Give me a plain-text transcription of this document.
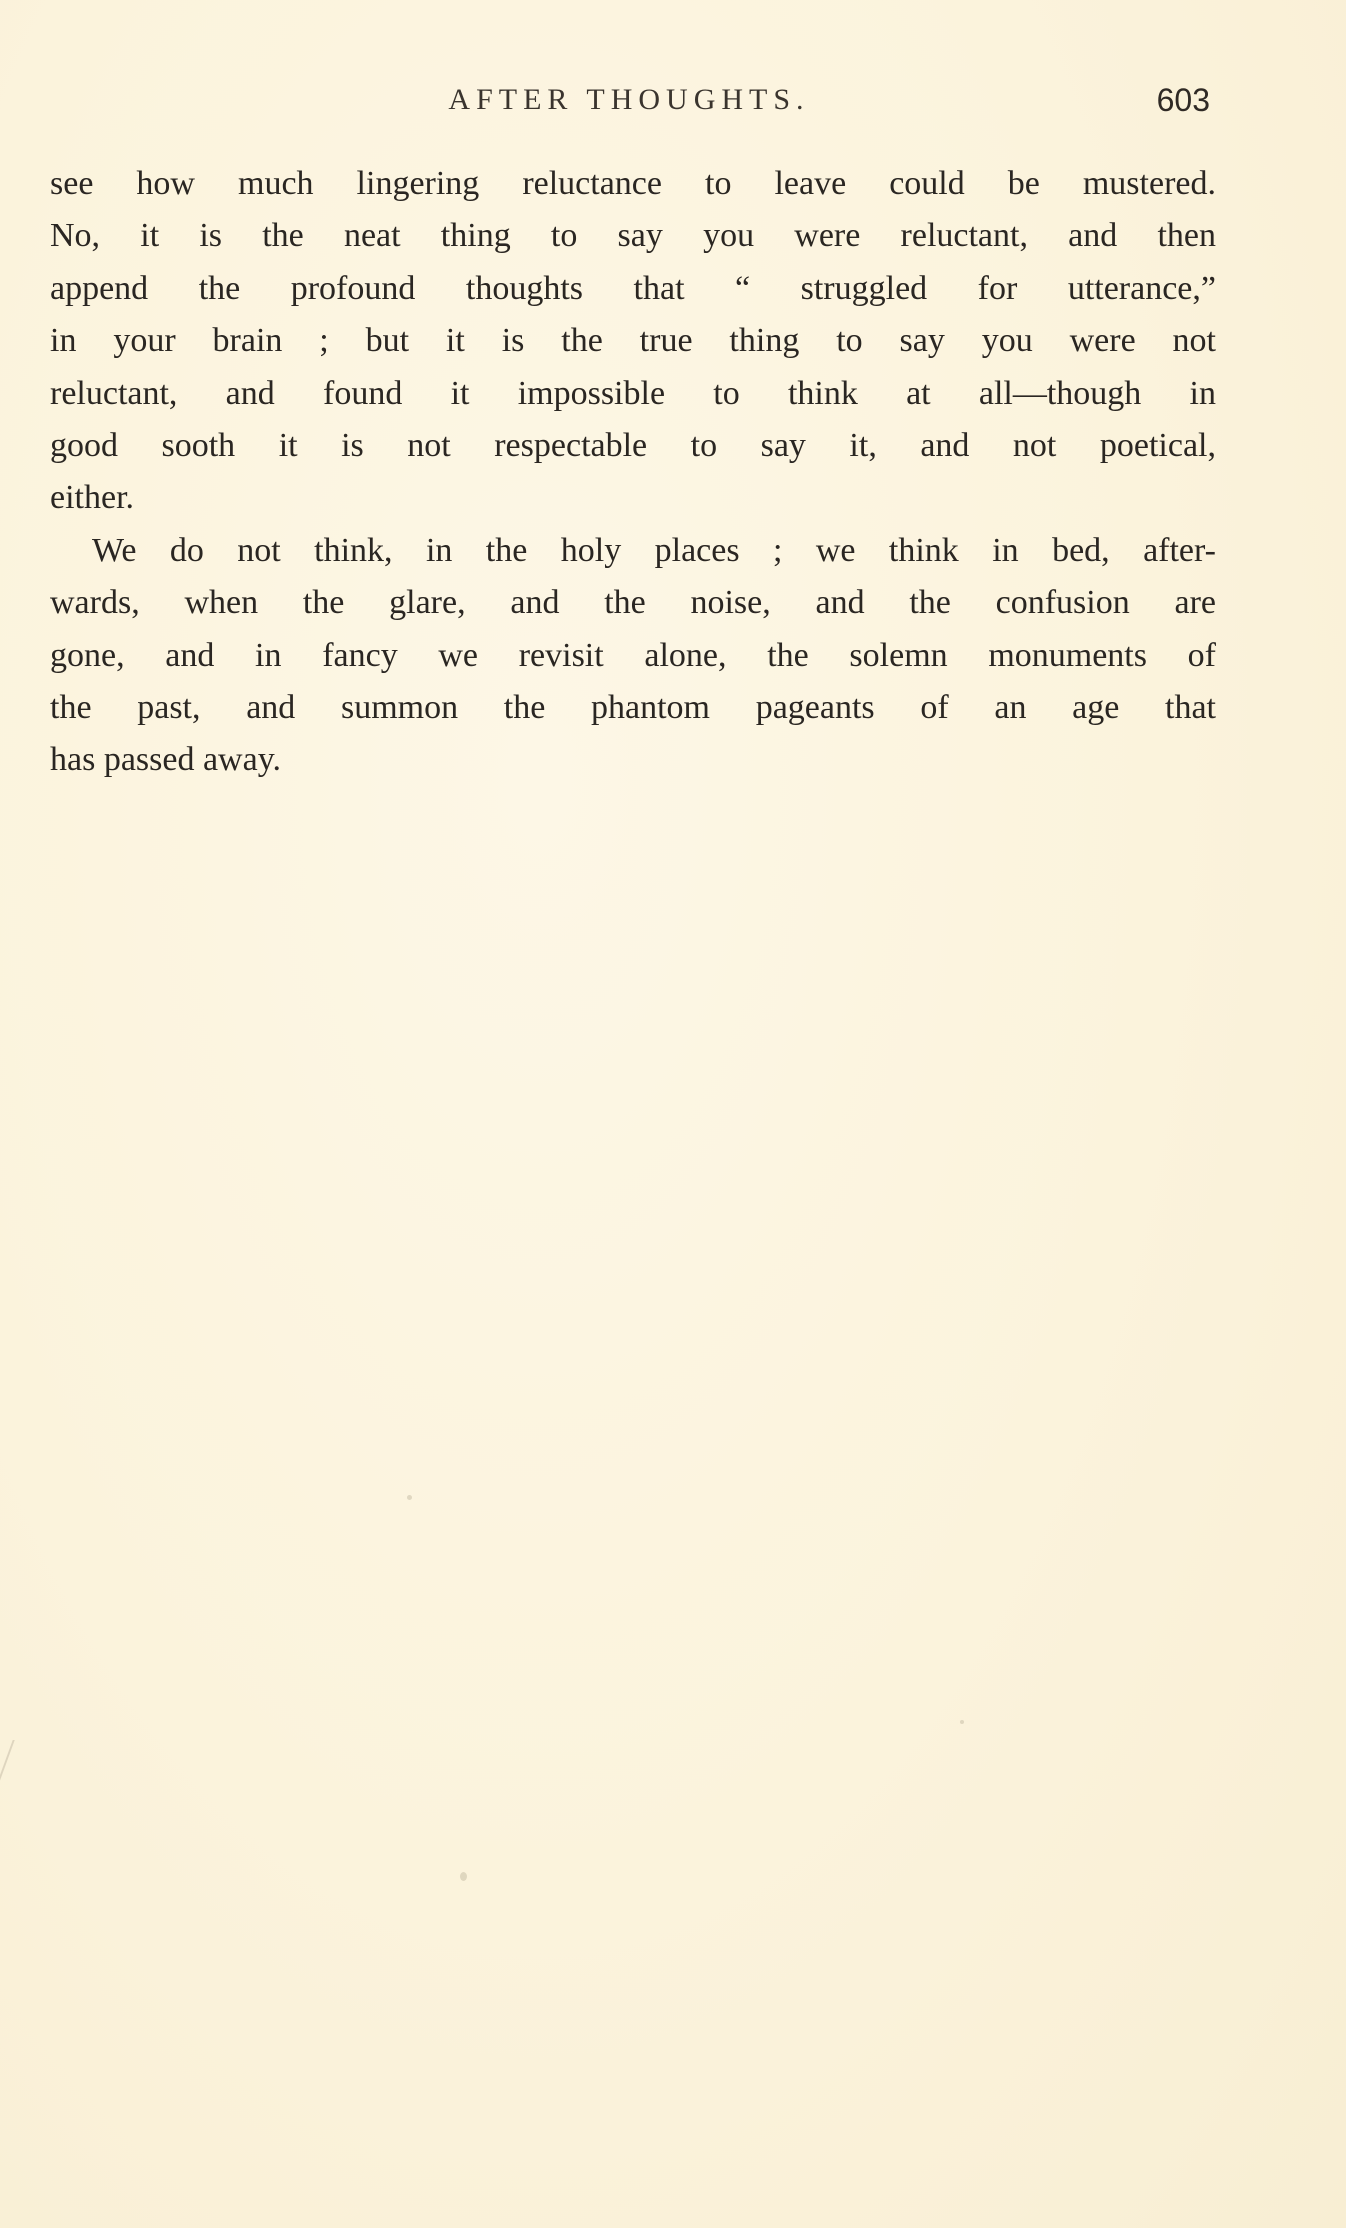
AFTER THOUGHTS.	603

see how much lingering reluctance to leave could be mustered.
No, it is the neat thing to say you were reluctant, and then
append the profound thoughts that “ struggled for utterance,”
in your brain ; but it is the true thing to say you were not
reluctant, and found it impossible to think at all—though in
good sooth it is not respectable to say it, and not poetical,
either.

We do not think, in the holy places ; we think in bed, after-
wards, when the glare, and the noise, and the confusion are
gone, and in fancy we revisit alone, the solemn monuments of
the past, and summon the phantom pageants of an age that
has passed away.
